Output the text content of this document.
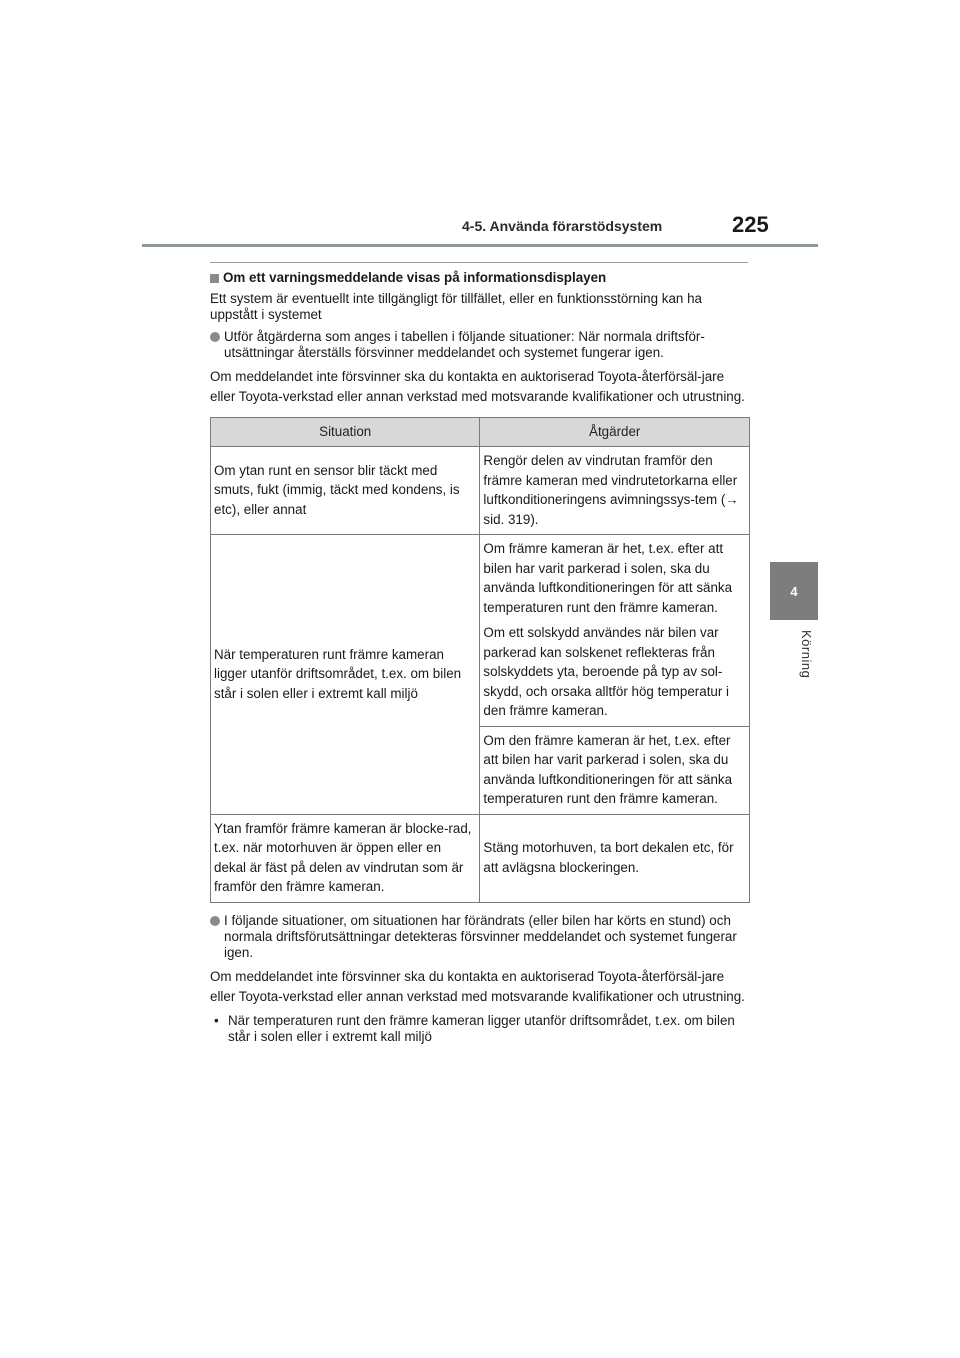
4-5. Använda förarstödsystem	225
4
Körning
Om ett varningsmeddelande visas på informationsdisplayen

Ett system är eventuellt inte tillgängligt för tillfället, eller en funktionsstörning kan ha uppstått i systemet

Utför åtgärderna som anges i tabellen i följande situationer: När normala driftsför-utsättningar återställs försvinner meddelandet och systemet fungerar igen.

Om meddelandet inte försvinner ska du kontakta en auktoriserad Toyota-återförsäl-jare eller Toyota-verkstad eller annan verkstad med motsvarande kvalifikationer och utrustning.

Situation	Åtgärder
Om ytan runt en sensor blir täckt med smuts, fukt (immig, täckt med kondens, is etc), eller annat	Rengör delen av vindrutan framför den främre kameran med vindrutetorkarna eller luftkonditioneringens avimningssys-tem (→ sid. 319).
När temperaturen runt främre kameran ligger utanför driftsområdet, t.ex. om bilen står i solen eller i extremt kall miljö	Om främre kameran är het, t.ex. efter att bilen har varit parkerad i solen, ska du använda luftkonditioneringen för att sänka temperaturen runt den främre kameran.

Om ett solskydd användes när bilen var parkerad kan solskenet reflekteras från solskyddets yta, beroende på typ av sol-skydd, och orsaka alltför hög temperatur i den främre kameran.

	Om den främre kameran är het, t.ex. efter att bilen har varit parkerad i solen, ska du använda luftkonditioneringen för att sänka temperaturen runt den främre kameran.
Ytan framför främre kameran är blocke-rad, t.ex. när motorhuven är öppen eller en dekal är fäst på delen av vindrutan som är framför den främre kameran.	Stäng motorhuven, ta bort dekalen etc, för att avlägsna blockeringen.
I följande situationer, om situationen har förändrats (eller bilen har körts en stund) och normala driftsförutsättningar detekteras försvinner meddelandet och systemet fungerar igen.

Om meddelandet inte försvinner ska du kontakta en auktoriserad Toyota-återförsäl-jare eller Toyota-verkstad eller annan verkstad med motsvarande kvalifikationer och utrustning.

• När temperaturen runt den främre kameran ligger utanför driftsområdet, t.ex. om bilen står i solen eller i extremt kall miljö
